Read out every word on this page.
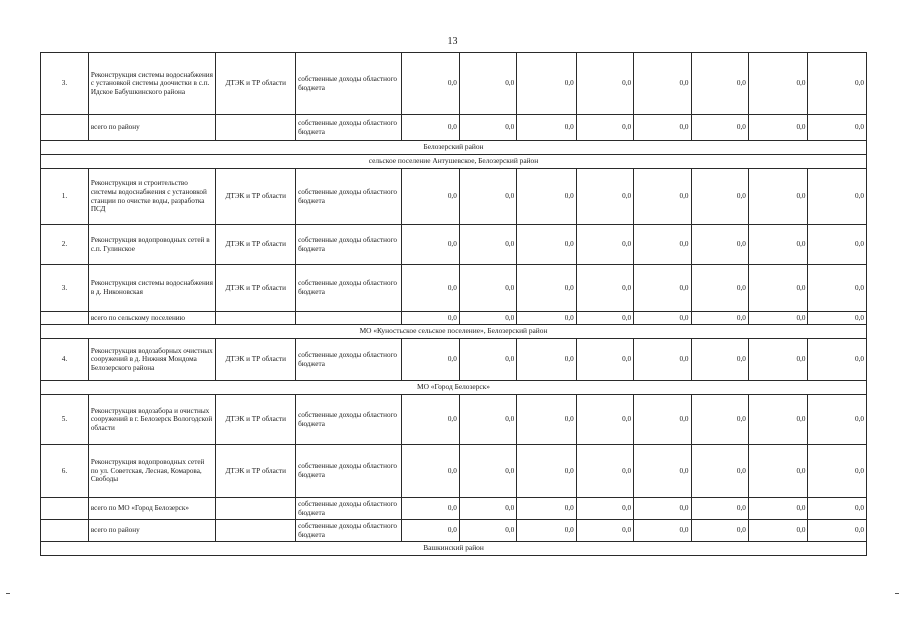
13
3.	Реконструкция системы водоснабжения с установкой системы доочистки в с.п. Идское Бабушкинского района	ДТЭК и ТР области	собственные доходы областного бюджета	0,0	0,0	0,0	0,0	0,0	0,0	0,0	0,0
	всего по району		собственные доходы областного бюджета	0,0	0,0	0,0	0,0	0,0	0,0	0,0	0,0
Белозерский район											
сельское поселение Антушевское, Белозерский район											
1.	Реконструкция и строительство системы водоснабжения с установкой станции по очистке воды, разработка ПСД	ДТЭК и ТР области	собственные доходы областного бюджета	0,0	0,0	0,0	0,0	0,0	0,0	0,0	0,0
2.	Реконструкция водопроводных сетей в с.п. Гулинское	ДТЭК и ТР области	собственные доходы областного бюджета	0,0	0,0	0,0	0,0	0,0	0,0	0,0	0,0
3.	Реконструкция системы водоснабжения в д. Никоновская	ДТЭК и ТР области	собственные доходы областного бюджета	0,0	0,0	0,0	0,0	0,0	0,0	0,0	0,0
	всего по сельскому поселению			0,0	0,0	0,0	0,0	0,0	0,0	0,0	0,0
МО «Куностьское сельское поселение», Белозерский район											
4.	Реконструкция водозаборных очистных сооружений в д. Нижняя Мондома Белозерского района	ДТЭК и ТР области	собственные доходы областного бюджета	0,0	0,0	0,0	0,0	0,0	0,0	0,0	0,0
МО «Город Белозерск»											
5.	Реконструкция водозабора и очистных сооружений в г. Белозерск Вологодской области	ДТЭК и ТР области	собственные доходы областного бюджета	0,0	0,0	0,0	0,0	0,0	0,0	0,0	0,0
6.	Реконструкция водопроводных сетей по ул. Советская, Лесная, Комарова, Свободы	ДТЭК и ТР области	собственные доходы областного бюджета	0,0	0,0	0,0	0,0	0,0	0,0	0,0	0,0
	всего по МО «Город Белозерск»		собственные доходы областного бюджета	0,0	0,0	0,0	0,0	0,0	0,0	0,0	0,0
	всего по району		собственные доходы областного бюджета	0,0	0,0	0,0	0,0	0,0	0,0	0,0	0,0
Вашкинский район											
